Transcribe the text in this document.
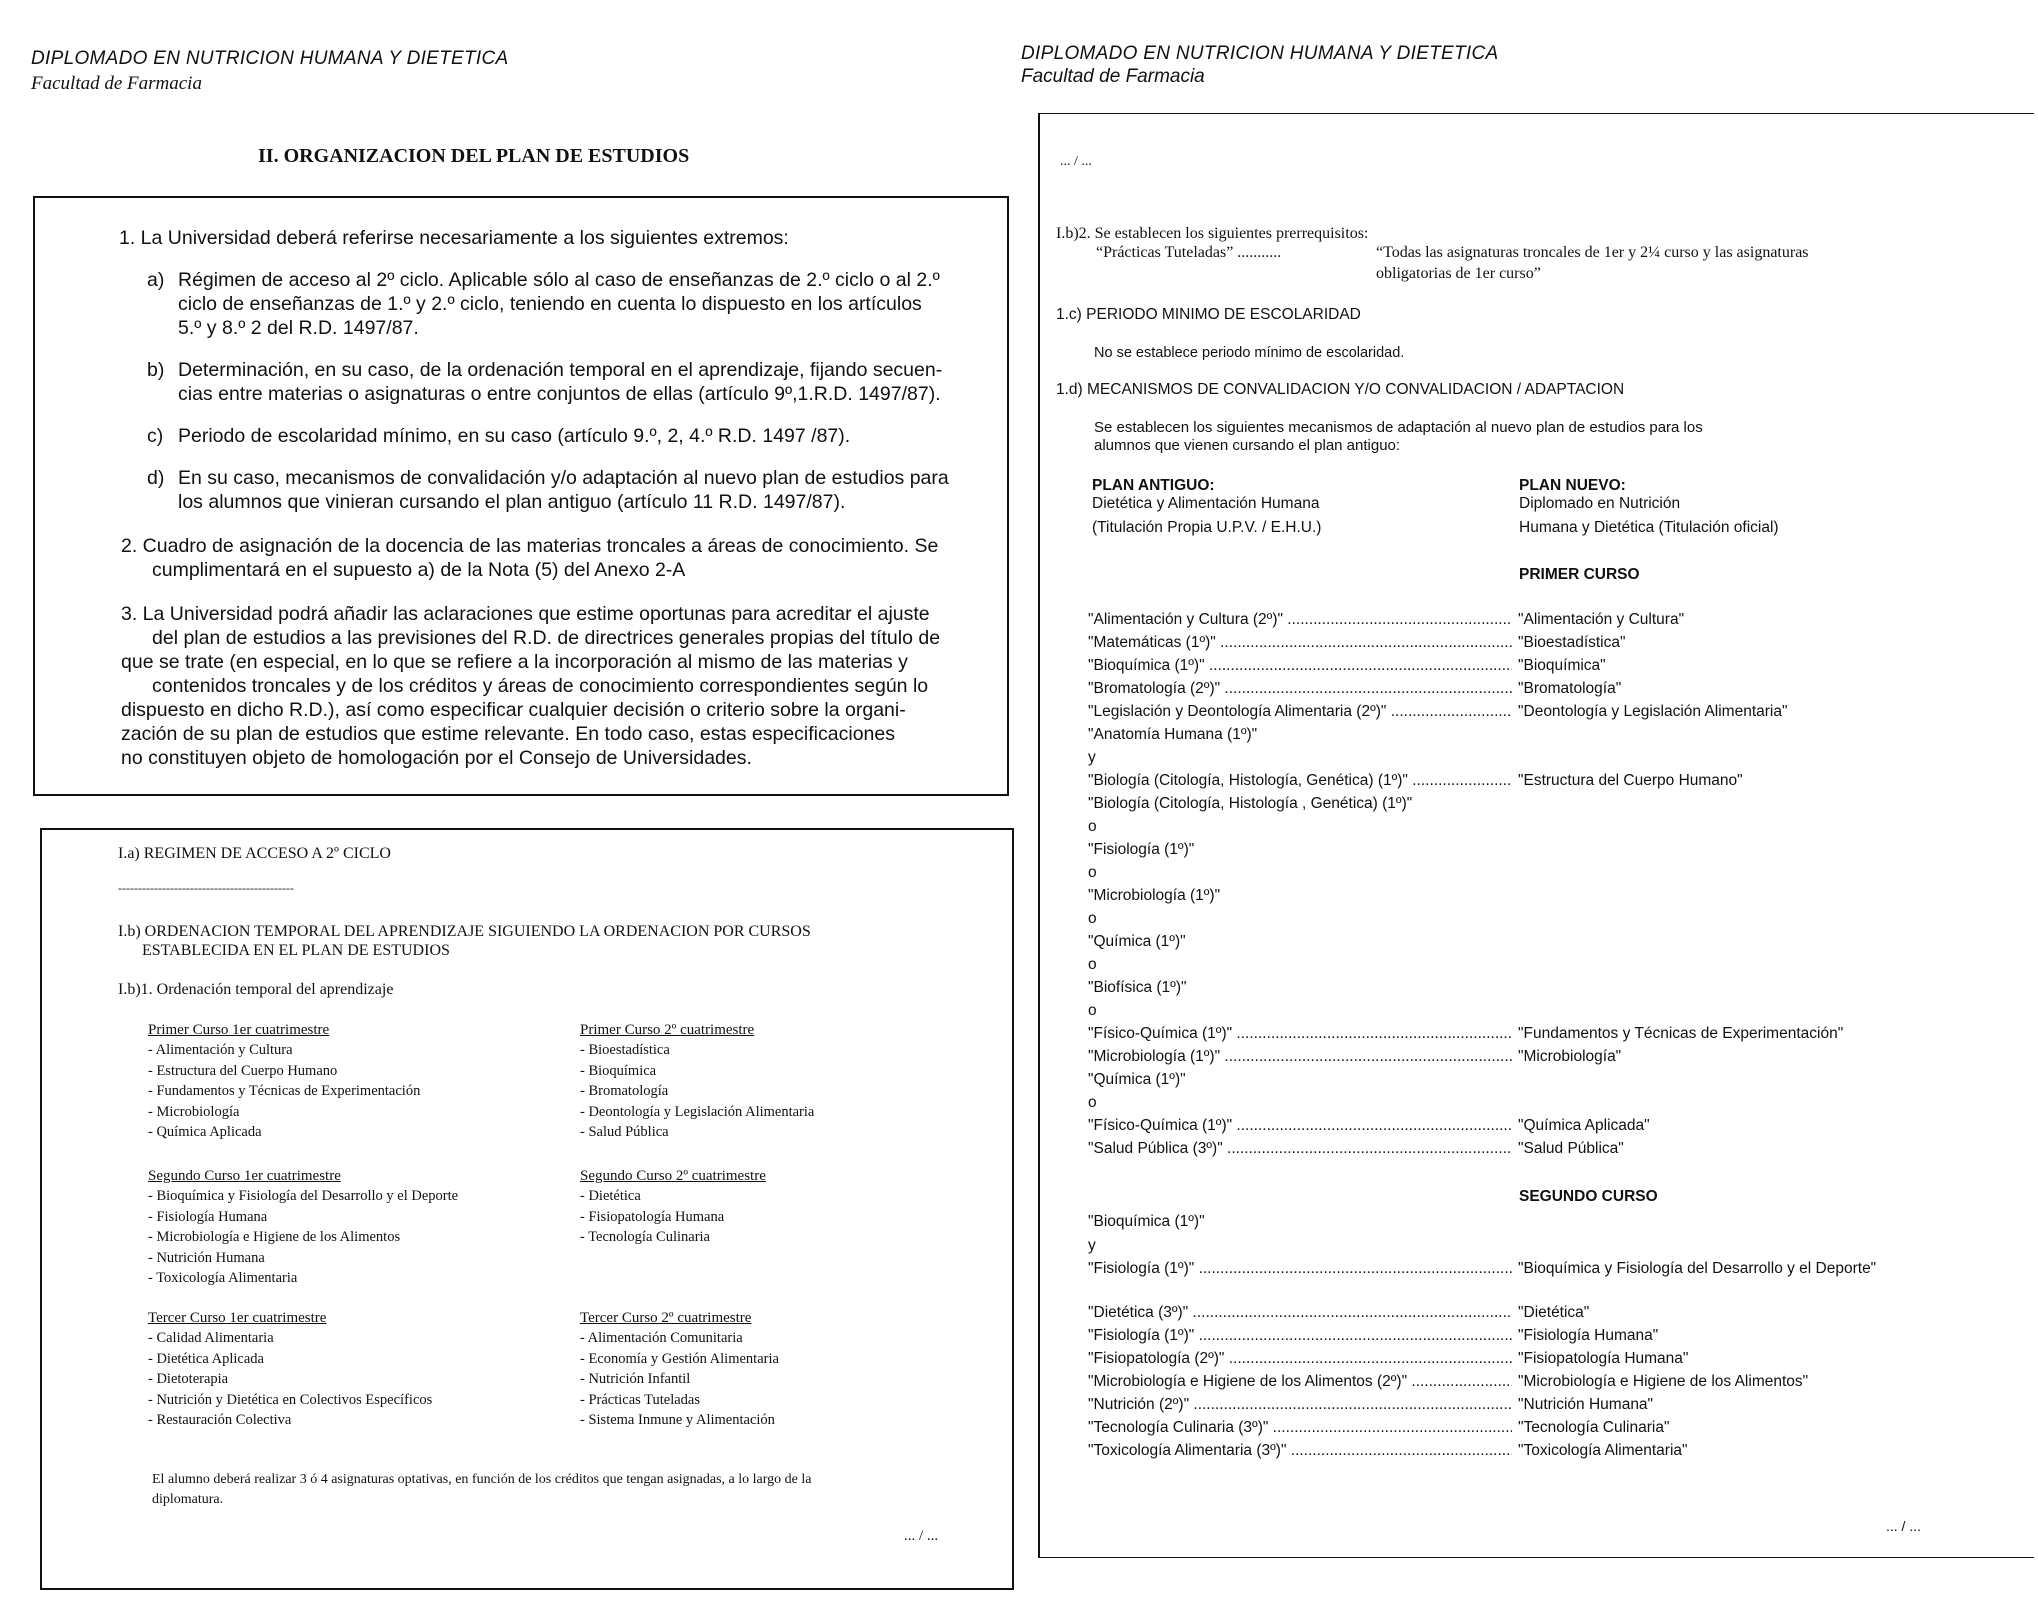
DIPLOMADO EN NUTRICION HUMANA Y DIETETICA
Facultad de Farmacia
DIPLOMADO EN NUTRICION HUMANA Y DIETETICA
Facultad de Farmacia
II. ORGANIZACION DEL PLAN DE ESTUDIOS
1. La Universidad deberá referirse necesariamente a los siguientes extremos:
a) Régimen de acceso al 2º ciclo. Aplicable sólo al caso de enseñanzas de 2.º ciclo o al 2.º
ciclo de enseñanzas de 1.º y 2.º ciclo, teniendo en cuenta lo dispuesto en los artículos
5.º y 8.º 2 del R.D. 1497/87.
b) Determinación, en su caso, de la ordenación temporal en el aprendizaje, fijando secuen-
cias entre materias o asignaturas o entre conjuntos de ellas (artículo 9º,1.R.D. 1497/87).
c) Periodo de escolaridad mínimo, en su caso (artículo 9.º, 2, 4.º R.D. 1497 /87).
d) En su caso, mecanismos de convalidación y/o adaptación al nuevo plan de estudios para
los alumnos que vinieran cursando el plan antiguo (artículo 11 R.D. 1497/87).
2. Cuadro de asignación de la docencia de las materias troncales a áreas de conocimiento. Se
cumplimentará en el supuesto a) de la Nota (5) del Anexo 2-A
3. La Universidad podrá añadir las aclaraciones que estime oportunas para acreditar el ajuste
del plan de estudios a las previsiones del R.D. de directrices generales propias del título de
que se trate (en especial, en lo que se refiere a la incorporación al mismo de las materias y
contenidos troncales y de los créditos y áreas de conocimiento correspondientes según lo
dispuesto en dicho R.D.), así como especificar cualquier decisión o criterio sobre la organi-
zación de su plan de estudios que estime relevante. En todo caso, estas especificaciones
no constituyen objeto de homologación por el Consejo de Universidades.
I.a) REGIMEN DE ACCESO A 2º CICLO
--------------------------------------------
I.b) ORDENACION TEMPORAL DEL APRENDIZAJE SIGUIENDO LA ORDENACION POR CURSOS
ESTABLECIDA EN EL PLAN DE ESTUDIOS
I.b)1. Ordenación temporal del aprendizaje
Primer Curso 1er cuatrimestre
- Alimentación y Cultura
- Estructura del Cuerpo Humano
- Fundamentos y Técnicas de Experimentación
- Microbiología
- Química Aplicada
Primer Curso 2º cuatrimestre
- Bioestadística
- Bioquímica
- Bromatología
- Deontología y Legislación Alimentaria
- Salud Pública
Segundo Curso 1er cuatrimestre
- Bioquímica y Fisiología del Desarrollo y el Deporte
- Fisiología Humana
- Microbiología e Higiene de los Alimentos
- Nutrición Humana
- Toxicología Alimentaria
Segundo Curso 2º cuatrimestre
- Dietética
- Fisiopatología Humana
- Tecnología Culinaria
Tercer Curso 1er cuatrimestre
- Calidad Alimentaria
- Dietética Aplicada
- Dietoterapia
- Nutrición y Dietética en Colectivos Específicos
- Restauración Colectiva
Tercer Curso 2º cuatrimestre
- Alimentación Comunitaria
- Economía y Gestión Alimentaria
- Nutrición Infantil
- Prácticas Tuteladas
- Sistema Inmune y Alimentación
El alumno deberá realizar 3 ó 4 asignaturas optativas, en función de los créditos que tengan asignadas, a lo largo de la
diplomatura.
... / ...
... / ...
I.b)2. Se establecen los siguientes prerrequisitos:
“Prácticas Tuteladas” ...........	“Todas las asignaturas troncales de 1er y 2¼ curso y las asignaturas
obligatorias de 1er curso”
1.c) PERIODO MINIMO DE ESCOLARIDAD
No se establece periodo mínimo de escolaridad.
1.d) MECANISMOS DE CONVALIDACION Y/O CONVALIDACION / ADAPTACION
Se establecen los siguientes mecanismos de adaptación al nuevo plan de estudios para los
alumnos que vienen cursando el plan antiguo:
PLAN ANTIGUO:
Dietética y Alimentación Humana
(Titulación Propia U.P.V. / E.H.U.)
PLAN NUEVO:
Diplomado en Nutrición
Humana y Dietética (Titulación oficial)
PRIMER CURSO
"Alimentación y Cultura (2º)" .....	"Alimentación y Cultura"
"Matemáticas (1º)" .....	"Bioestadística"
"Bioquímica (1º)" .....	"Bioquímica"
"Bromatología (2º)" .....	"Bromatología"
"Legislación y Deontología Alimentaria (2º)" .....	"Deontología y Legislación Alimentaria"
"Anatomía Humana (1º)"
y
"Biología (Citología, Histología, Genética) (1º)" .....	"Estructura del Cuerpo Humano"
"Biología (Citología, Histología , Genética) (1º)"
o
"Fisiología (1º)"
o
"Microbiología (1º)"
o
"Química (1º)"
o
"Biofísica (1º)"
o
"Físico-Química (1º)" .....	"Fundamentos y Técnicas de Experimentación"
"Microbiología (1º)" .....	"Microbiología"
"Química (1º)"
o
"Físico-Química (1º)" .....	"Química Aplicada"
"Salud Pública (3º)" .....	"Salud Pública"
SEGUNDO CURSO
"Bioquímica (1º)"
y
"Fisiología (1º)" .....	"Bioquímica y Fisiología del Desarrollo y el Deporte"
"Dietética (3º)" .....	"Dietética"
"Fisiología (1º)" .....	"Fisiología Humana"
"Fisiopatología (2º)" .....	"Fisiopatología Humana"
"Microbiología e Higiene de los Alimentos (2º)" .....	"Microbiología e Higiene de los Alimentos"
"Nutrición (2º)" .....	"Nutrición Humana"
"Tecnología Culinaria (3º)" .....	"Tecnología Culinaria"
"Toxicología Alimentaria (3º)" .....	"Toxicología Alimentaria"
... / ...
